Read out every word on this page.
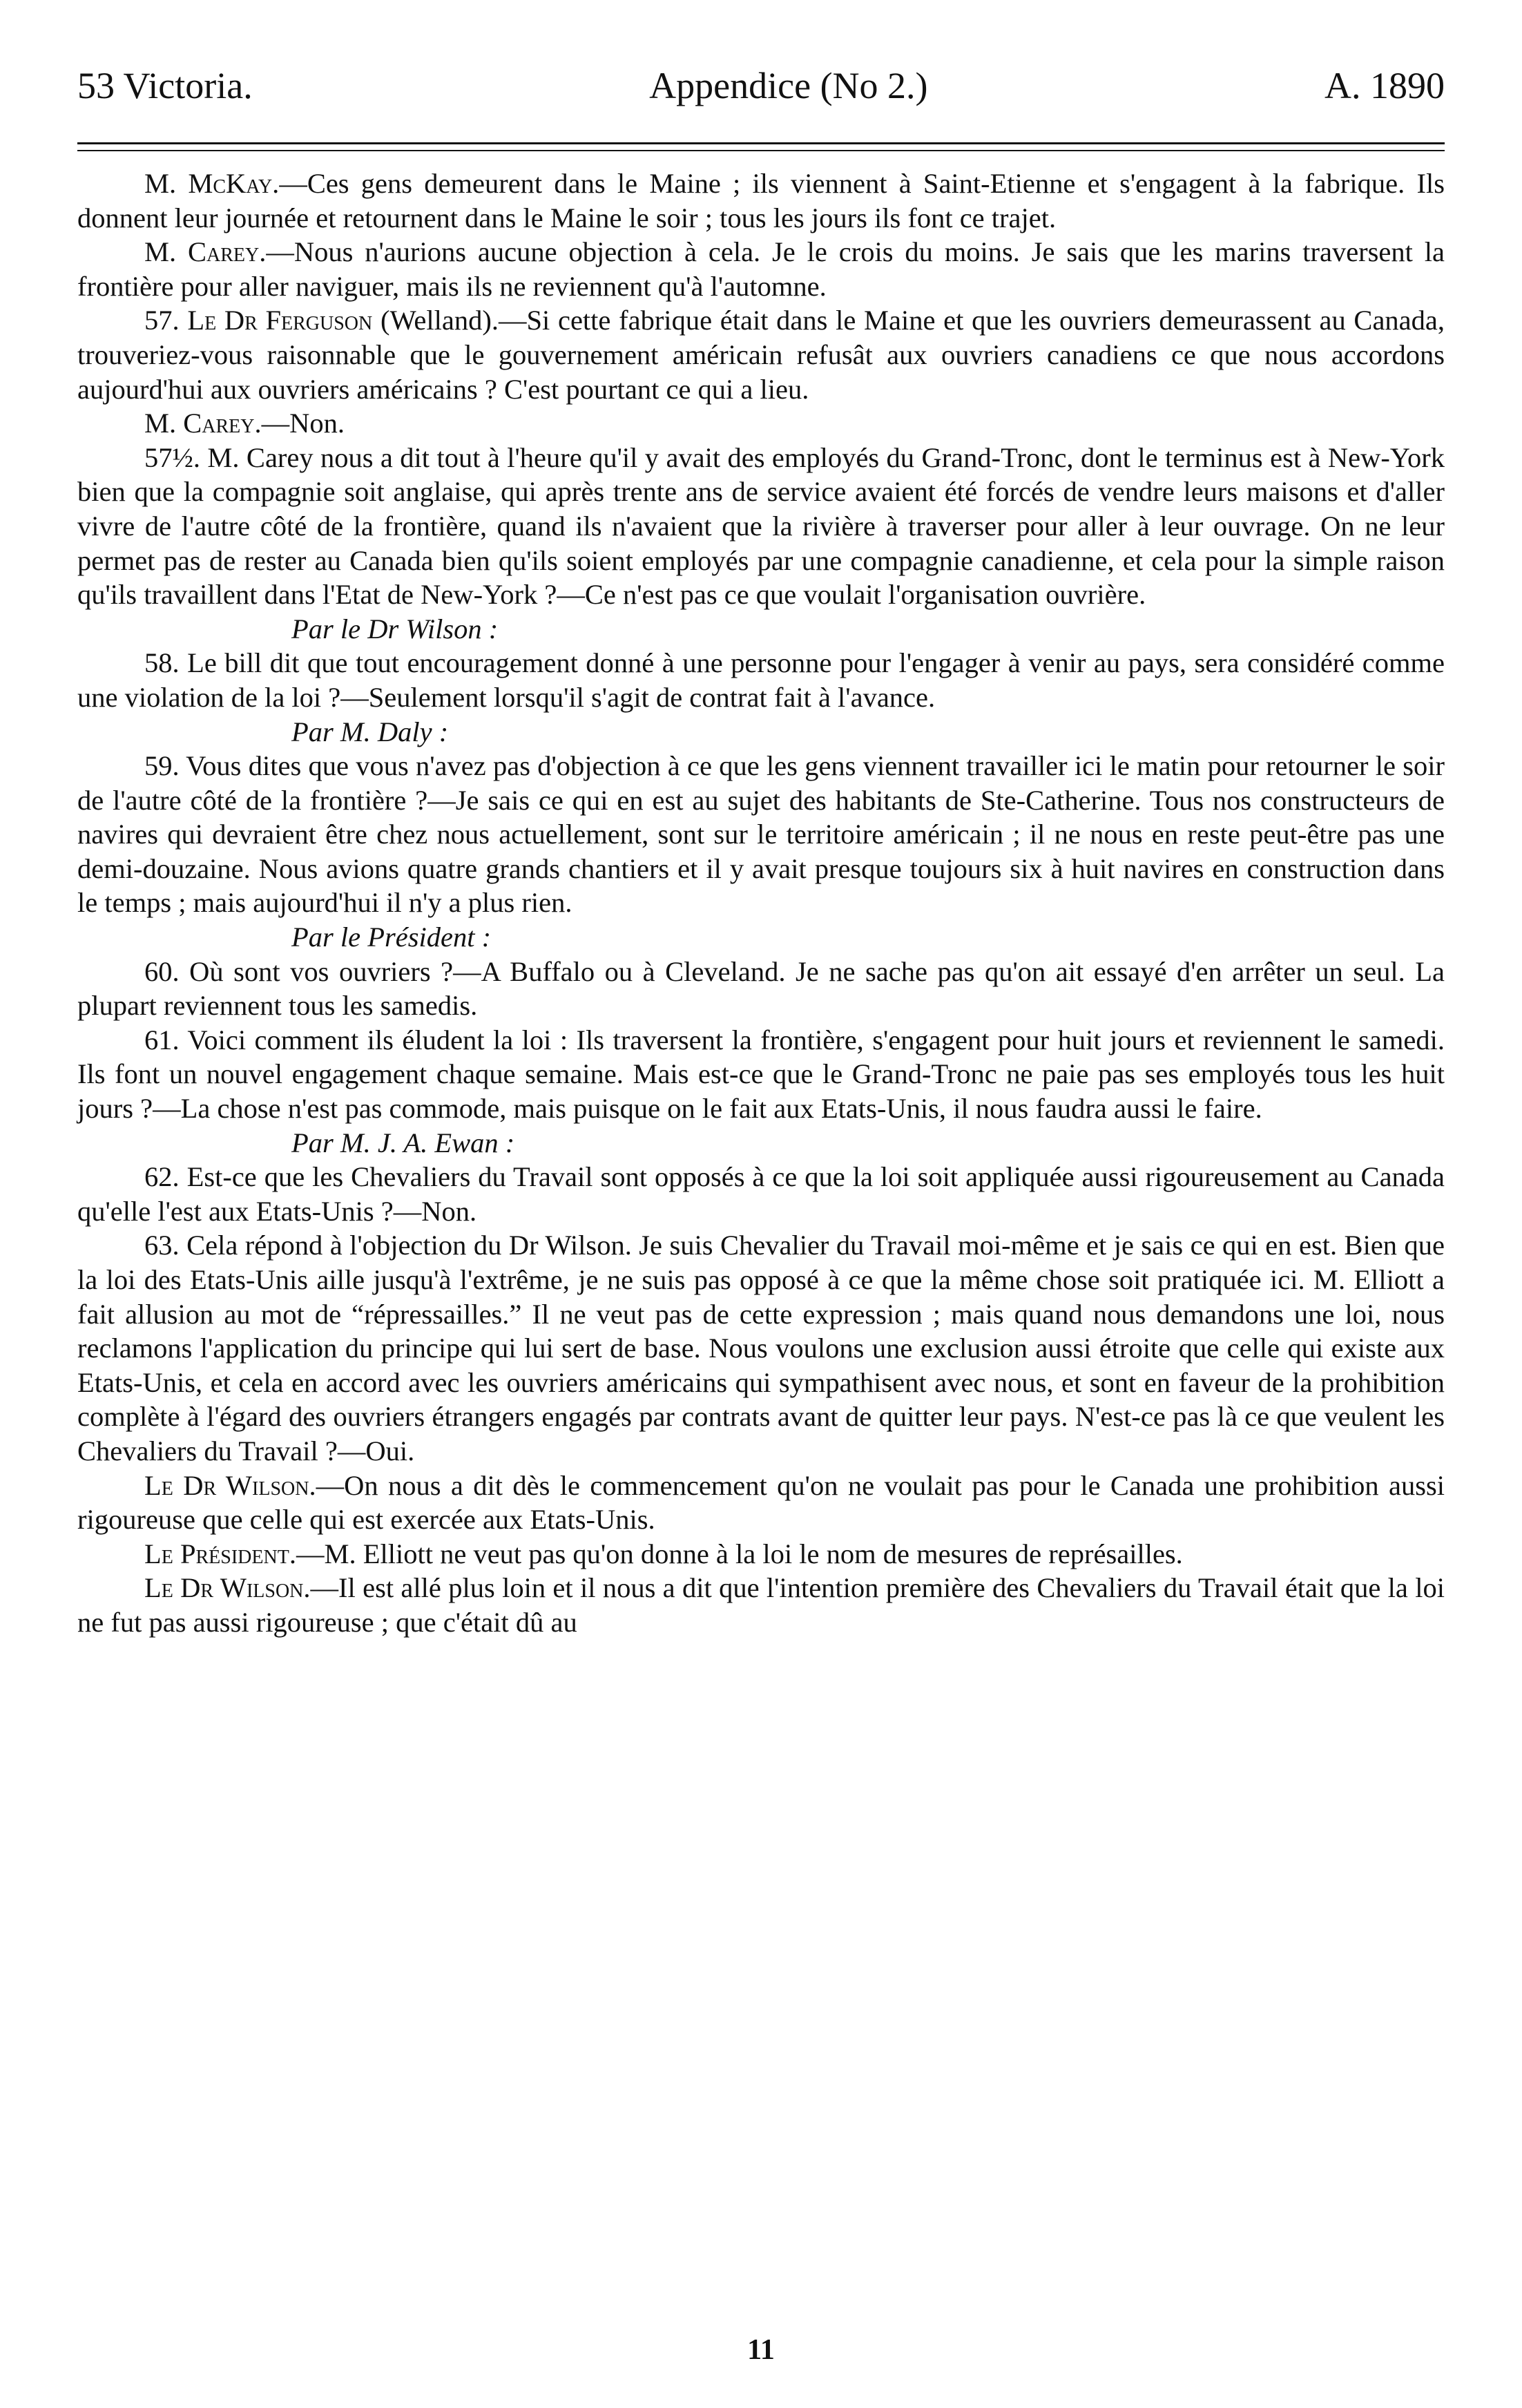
53 Victoria.	Appendice (No 2.)	A. 1890

M. McKay.—Ces gens demeurent dans le Maine ; ils viennent à Saint-Etienne et s'engagent à la fabrique. Ils donnent leur journée et retournent dans le Maine le soir ; tous les jours ils font ce trajet.

M. Carey.—Nous n'aurions aucune objection à cela. Je le crois du moins. Je sais que les marins traversent la frontière pour aller naviguer, mais ils ne reviennent qu'à l'automne.

57. Le Dr Ferguson (Welland).—Si cette fabrique était dans le Maine et que les ouvriers demeurassent au Canada, trouveriez-vous raisonnable que le gouvernement américain refusât aux ouvriers canadiens ce que nous accordons aujourd'hui aux ouvriers américains ? C'est pourtant ce qui a lieu.

M. Carey.—Non.

57½. M. Carey nous a dit tout à l'heure qu'il y avait des employés du Grand-Tronc, dont le terminus est à New-York bien que la compagnie soit anglaise, qui après trente ans de service avaient été forcés de vendre leurs maisons et d'aller vivre de l'autre côté de la frontière, quand ils n'avaient que la rivière à traverser pour aller à leur ouvrage. On ne leur permet pas de rester au Canada bien qu'ils soient employés par une compagnie canadienne, et cela pour la simple raison qu'ils travaillent dans l'Etat de New-York ?—Ce n'est pas ce que voulait l'organisation ouvrière.

Par le Dr Wilson :

58. Le bill dit que tout encouragement donné à une personne pour l'engager à venir au pays, sera considéré comme une violation de la loi ?—Seulement lorsqu'il s'agit de contrat fait à l'avance.

Par M. Daly :

59. Vous dites que vous n'avez pas d'objection à ce que les gens viennent travailler ici le matin pour retourner le soir de l'autre côté de la frontière ?—Je sais ce qui en est au sujet des habitants de Ste-Catherine. Tous nos constructeurs de navires qui devraient être chez nous actuellement, sont sur le territoire américain ; il ne nous en reste peut-être pas une demi-douzaine. Nous avions quatre grands chantiers et il y avait presque toujours six à huit navires en construction dans le temps ; mais aujourd'hui il n'y a plus rien.

Par le Président :

60. Où sont vos ouvriers ?—A Buffalo ou à Cleveland. Je ne sache pas qu'on ait essayé d'en arrêter un seul. La plupart reviennent tous les samedis.

61. Voici comment ils éludent la loi : Ils traversent la frontière, s'engagent pour huit jours et reviennent le samedi. Ils font un nouvel engagement chaque semaine. Mais est-ce que le Grand-Tronc ne paie pas ses employés tous les huit jours ?—La chose n'est pas commode, mais puisque on le fait aux Etats-Unis, il nous faudra aussi le faire.

Par M. J. A. Ewan :

62. Est-ce que les Chevaliers du Travail sont opposés à ce que la loi soit appliquée aussi rigoureusement au Canada qu'elle l'est aux Etats-Unis ?—Non.

63. Cela répond à l'objection du Dr Wilson. Je suis Chevalier du Travail moi-même et je sais ce qui en est. Bien que la loi des Etats-Unis aille jusqu'à l'extrême, je ne suis pas opposé à ce que la même chose soit pratiquée ici. M. Elliott a fait allusion au mot de “répressailles.” Il ne veut pas de cette expression ; mais quand nous demandons une loi, nous reclamons l'application du principe qui lui sert de base. Nous voulons une exclusion aussi étroite que celle qui existe aux Etats-Unis, et cela en accord avec les ouvriers américains qui sympathisent avec nous, et sont en faveur de la prohibition complète à l'égard des ouvriers étrangers engagés par contrats avant de quitter leur pays. N'est-ce pas là ce que veulent les Chevaliers du Travail ?—Oui.

Le Dr Wilson.—On nous a dit dès le commencement qu'on ne voulait pas pour le Canada une prohibition aussi rigoureuse que celle qui est exercée aux Etats-Unis.

Le Président.—M. Elliott ne veut pas qu'on donne à la loi le nom de mesures de représailles.

Le Dr Wilson.—Il est allé plus loin et il nous a dit que l'intention première des Chevaliers du Travail était que la loi ne fut pas aussi rigoureuse ; que c'était dû au

11
